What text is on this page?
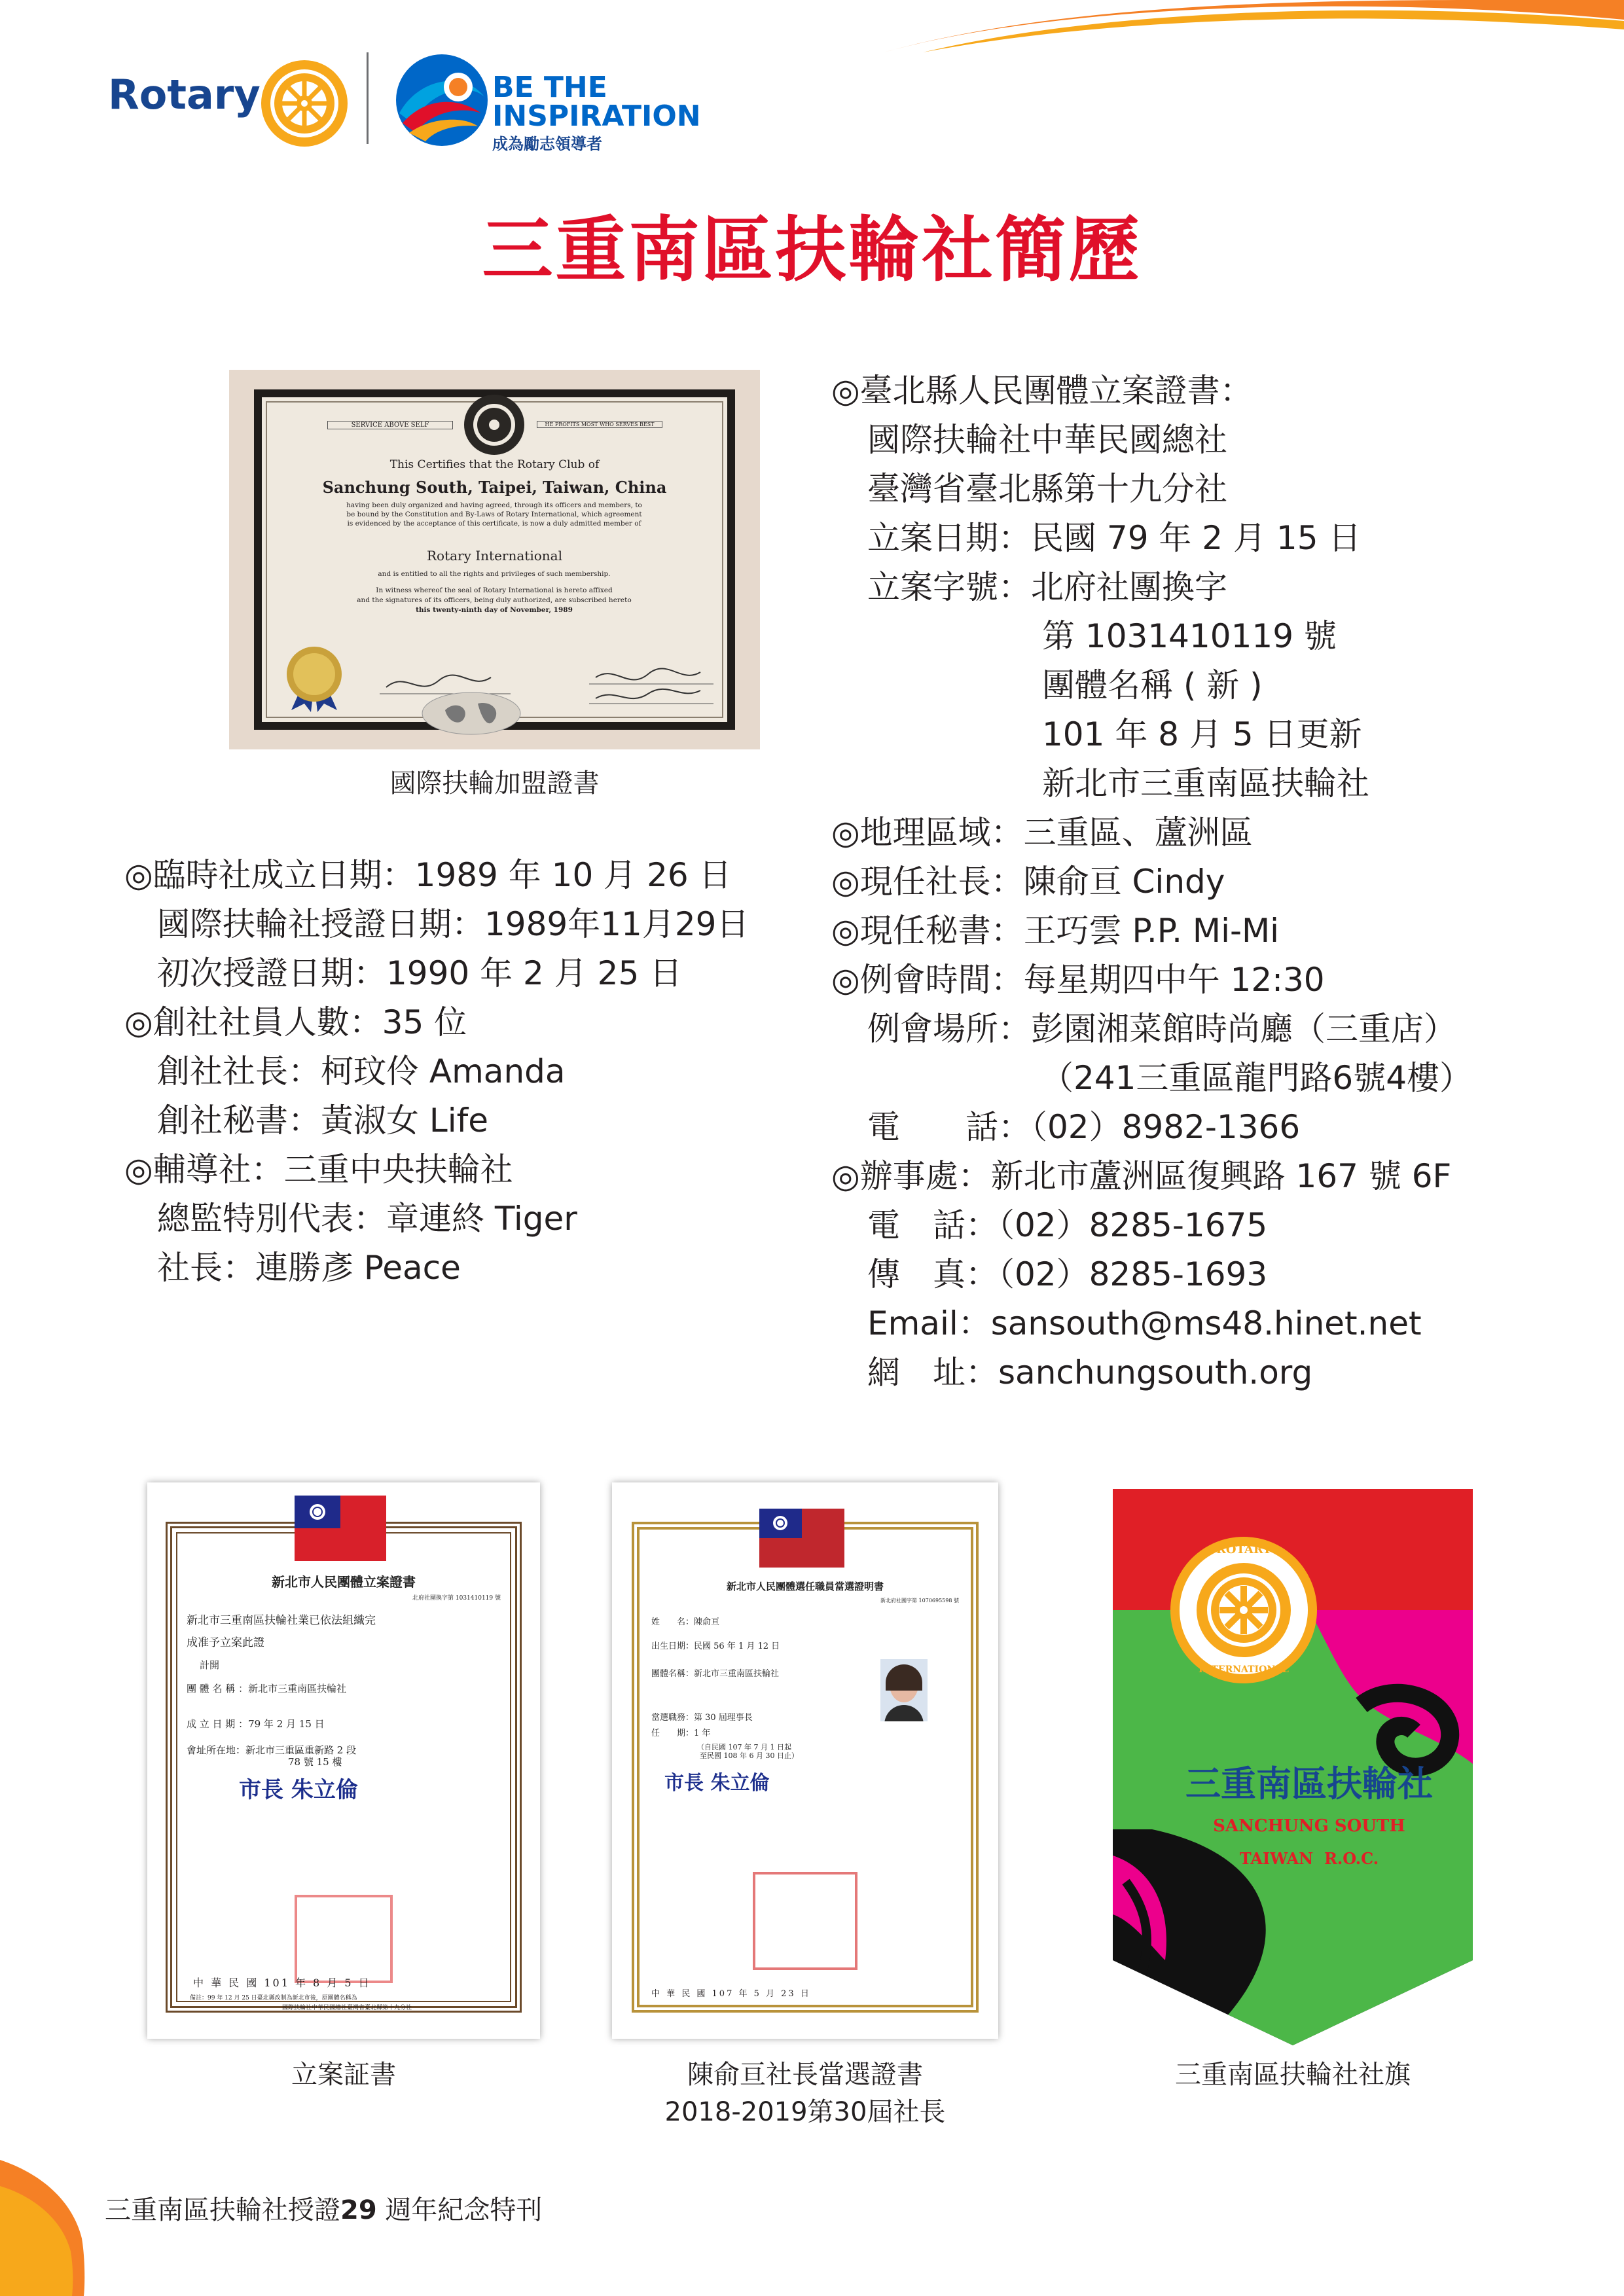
Rotary	BE THE
INSPIRATION
成為勵志領導者
三重南區扶輪社簡歷
SERVICE ABOVE SELF	HE PROFITS MOST WHO SERVES BEST
This Certifies that the Rotary Club of
Sanchung South, Taipei, Taiwan, China
having been duly organized and having agreed, through its officers and members, to
be bound by the Constitution and By-Laws of Rotary International, which agreement
is evidenced by the acceptance of this certificate, is now a duly admitted member of
Rotary International
and is entitled to all the rights and privileges of such membership.
In witness whereof the seal of Rotary International is hereto affixed
and the signatures of its officers, being duly authorized, are subscribed hereto
this twenty-ninth day of November, 1989
國際扶輪加盟證書
◎臨時社成立日期：1989 年 10 月 26 日
國際扶輪社授證日期：1989年11月29日
初次授證日期：1990 年 2 月 25 日
◎創社社員人數：35 位
創社社長：柯玟伶 Amanda
創社秘書：黃淑女 Life
◎輔導社：三重中央扶輪社
總監特別代表：章連終 Tiger
社長：連勝彥 Peace
◎臺北縣人民團體立案證書：
國際扶輪社中華民國總社
臺灣省臺北縣第十九分社
立案日期：民國 79 年 2 月 15 日
立案字號：北府社團換字
第 1031410119 號
團體名稱 ( 新 )
101 年 8 月 5 日更新
新北市三重南區扶輪社
◎地理區域：三重區、蘆洲區
◎現任社長：陳俞亘 Cindy
◎現任秘書：王巧雲 P.P. Mi-Mi
◎例會時間：每星期四中午 12:30
例會場所：彭園湘菜館時尚廳（三重店）
（241三重區龍門路6號4樓）
電　　話：（02）8982-1366
◎辦事處：新北市蘆洲區復興路 167 號 6F
電　話：（02）8285-1675
傳　真：（02）8285-1693
Email：sansouth@ms48.hinet.net
網　址：sanchungsouth.org
新北市人民團體立案證書
北府社團換字第 1031410119 號
新北市三重南區扶輪社業已依法組織完
成准予立案此證
計開
團 體 名 稱 ：新北市三重南區扶輪社
成 立 日 期 ：79 年 2 月 15 日
會址所在地：新北市三重區重新路 2 段
78 號 15 樓
市長 朱立倫
中 華 民 國 101 年 8 月 5 日
備註：99 年 12 月 25 日臺北縣改制為新北市後，原團體名稱為
國際扶輪社中華民國總社臺灣省臺北縣第十九分社
立案証書
新北市人民團體選任職員當選證明書
新北府社團字第 1070695598 號
姓　　名：陳俞亘
出生日期：民國 56 年 1 月 12 日
團體名稱：新北市三重南區扶輪社
當選職務：第 30 屆理事長
任　　期：1 年
（自民國 107 年 7 月 1 日起
至民國 108 年 6 月 30 日止）
市長 朱立倫
中 華 民 國 107 年 5 月 23 日
陳俞亘社長當選證書
2018-2019第30屆社長
ROTARY
INTERNATIONAL
三重南區扶輪社
SANCHUNG SOUTH
TAIWAN  R.O.C.
三重南區扶輪社社旗
三重南區扶輪社授證29 週年紀念特刊
